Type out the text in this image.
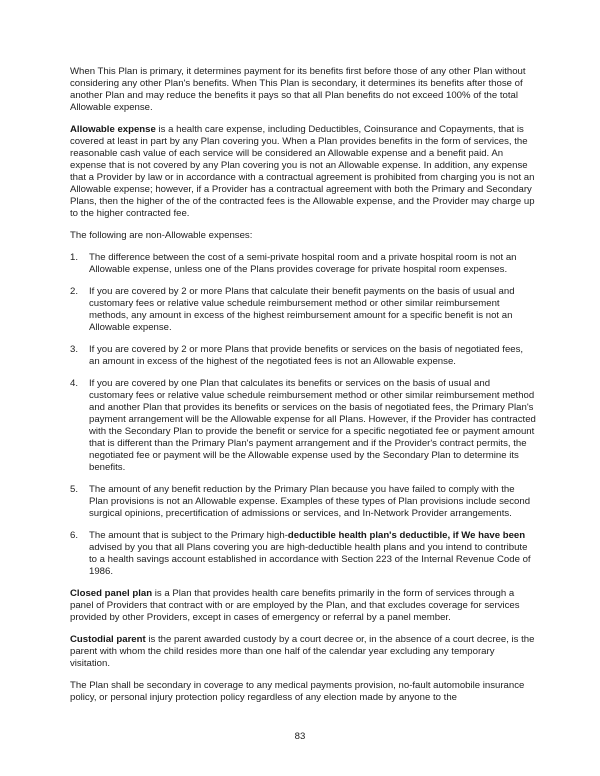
When This Plan is primary, it determines payment for its benefits first before those of any other Plan without considering any other Plan's benefits. When This Plan is secondary, it determines its benefits after those of another Plan and may reduce the benefits it pays so that all Plan benefits do not exceed 100% of the total Allowable expense.

Allowable expense is a health care expense, including Deductibles, Coinsurance and Copayments, that is covered at least in part by any Plan covering you. When a Plan provides benefits in the form of services, the reasonable cash value of each service will be considered an Allowable expense and a benefit paid. An expense that is not covered by any Plan covering you is not an Allowable expense. In addition, any expense that a Provider by law or in accordance with a contractual agreement is prohibited from charging you is not an Allowable expense; however, if a Provider has a contractual agreement with both the Primary and Secondary Plans, then the higher of the of the contracted fees is the Allowable expense, and the Provider may charge up to the higher contracted fee.

The following are non-Allowable expenses:

1.	The difference between the cost of a semi-private hospital room and a private hospital room is not an Allowable expense, unless one of the Plans provides coverage for private hospital room expenses.
2.	If you are covered by 2 or more Plans that calculate their benefit payments on the basis of usual and customary fees or relative value schedule reimbursement method or other similar reimbursement methods, any amount in excess of the highest reimbursement amount for a specific benefit is not an Allowable expense.
3.	If you are covered by 2 or more Plans that provide benefits or services on the basis of negotiated fees, an amount in excess of the highest of the negotiated fees is not an Allowable expense.
4.	If you are covered by one Plan that calculates its benefits or services on the basis of usual and customary fees or relative value schedule reimbursement method or other similar reimbursement method and another Plan that provides its benefits or services on the basis of negotiated fees, the Primary Plan's payment arrangement will be the Allowable expense for all Plans. However, if the Provider has contracted with the Secondary Plan to provide the benefit or service for a specific negotiated fee or payment amount that is different than the Primary Plan's payment arrangement and if the Provider's contract permits, the negotiated fee or payment will be the Allowable expense used by the Secondary Plan to determine its benefits.
5.	The amount of any benefit reduction by the Primary Plan because you have failed to comply with the Plan provisions is not an Allowable expense. Examples of these types of Plan provisions include second surgical opinions, precertification of admissions or services, and In-Network Provider arrangements.
6.	The amount that is subject to the Primary high-deductible health plan's deductible, if We have been advised by you that all Plans covering you are high-deductible health plans and you intend to contribute to a health savings account established in accordance with Section 223 of the Internal Revenue Code of 1986.

Closed panel plan is a Plan that provides health care benefits primarily in the form of services through a panel of Providers that contract with or are employed by the Plan, and that excludes coverage for services provided by other Providers, except in cases of emergency or referral by a panel member.

Custodial parent is the parent awarded custody by a court decree or, in the absence of a court decree, is the parent with whom the child resides more than one half of the calendar year excluding any temporary visitation.

The Plan shall be secondary in coverage to any medical payments provision, no-fault automobile insurance policy, or personal injury protection policy regardless of any election made by anyone to the

83
